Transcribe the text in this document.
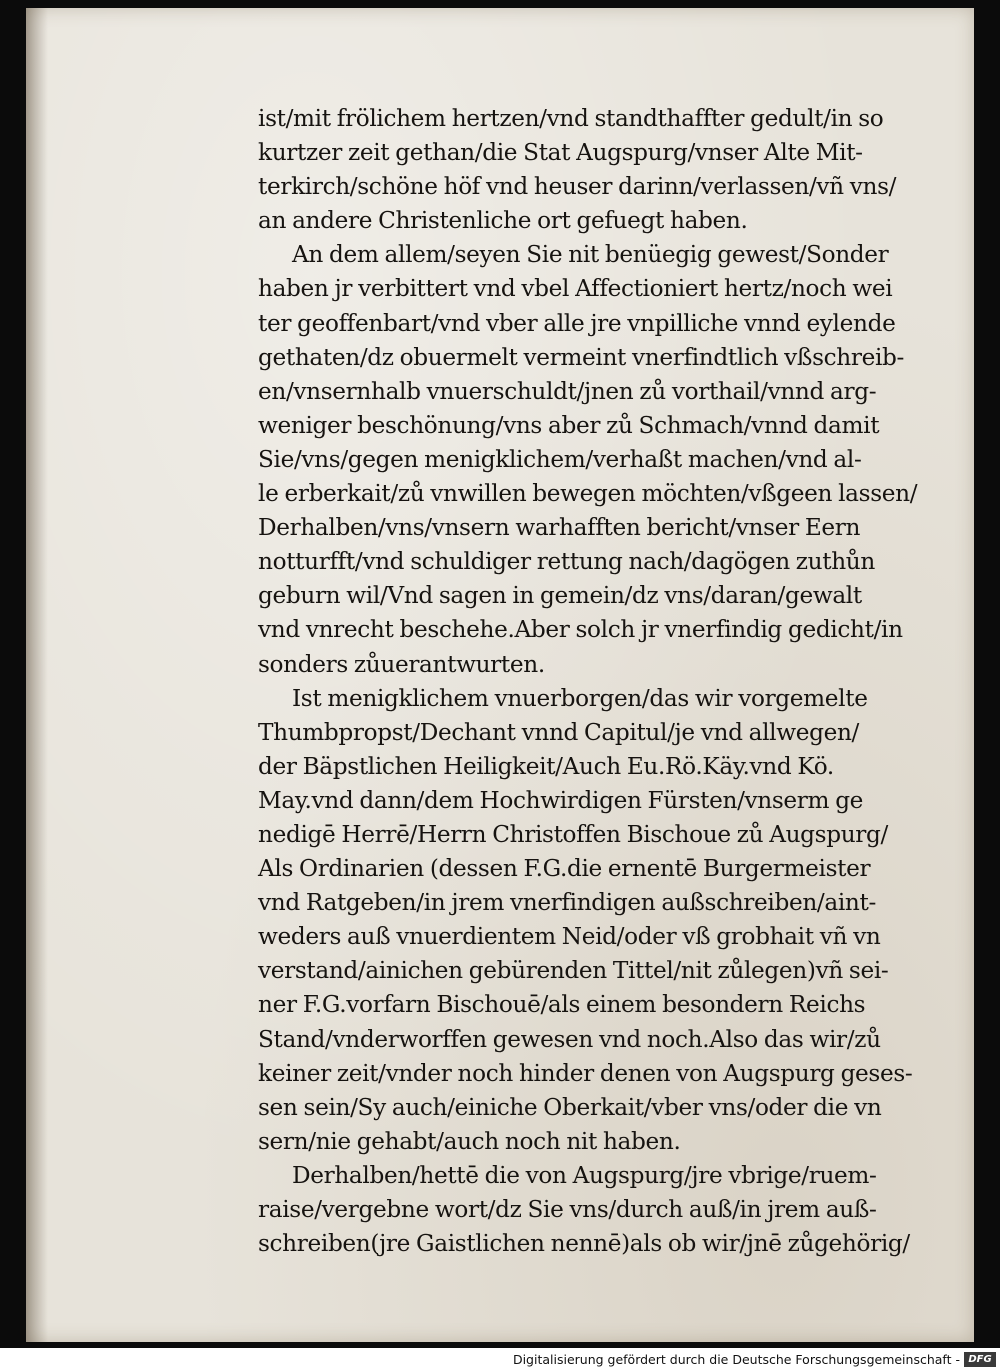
ist/mit frölichem hertzen/vnd standthaffter gedult/in so
kurtzer zeit gethan/die Stat Augspurg/vnser Alte Mit-
terkirch/schöne höf vnd heuser darinn/verlassen/vñ vns/
an andere Christenliche ort gefuegt haben.
An dem allem/seyen Sie nit benüegig gewest/Sonder
haben jr verbittert vnd vbel Affectioniert hertz/noch wei
ter geoffenbart/vnd vber alle jre vnpilliche vnnd eylende
gethaten/dz obuermelt vermeint vnerfindtlich vßschreib-
en/vnsernhalb vnuerschuldt/jnen zů vorthail/vnnd arg-
weniger beschönung/vns aber zů Schmach/vnnd damit
Sie/vns/gegen menigklichem/verhaßt machen/vnd al-
le erberkait/zů vnwillen bewegen möchten/vßgeen lassen/
Derhalben/vns/vnsern warhafften bericht/vnser Eern
notturfft/vnd schuldiger rettung nach/dagögen zuthůn
geburn wil/Vnd sagen in gemein/dz vns/daran/gewalt
vnd vnrecht beschehe.Aber solch jr vnerfindig gedicht/in
sonders zůuerantwurten.
Ist menigklichem vnuerborgen/das wir vorgemelte
Thumbpropst/Dechant vnnd Capitul/je vnd allwegen/
der Bäpstlichen Heiligkeit/Auch Eu.Rö.Käy.vnd Kö.
May.vnd dann/dem Hochwirdigen Fürsten/vnserm ge
nedigē Herrē/Herrn Christoffen Bischoue zů Augspurg/
Als Ordinarien (dessen F.G.die ernentē Burgermeister
vnd Ratgeben/in jrem vnerfindigen außschreiben/aint-
weders auß vnuerdientem Neid/oder vß grobhait vñ vn
verstand/ainichen gebürenden Tittel/nit zůlegen)vñ sei-
ner F.G.vorfarn Bischouē/als einem besondern Reichs
Stand/vnderworffen gewesen vnd noch.Also das wir/zů
keiner zeit/vnder noch hinder denen von Augspurg geses-
sen sein/Sy auch/einiche Oberkait/vber vns/oder die vn
sern/nie gehabt/auch noch nit haben.
Derhalben/hettē die von Augspurg/jre vbrige/ruem-
raise/vergebne wort/dz Sie vns/durch auß/in jrem auß-
schreiben(jre Gaistlichen nennē)als ob wir/jnē zůgehörig/
Digitalisierung gefördert durch die Deutsche Forschungsgemeinschaft - DFG
